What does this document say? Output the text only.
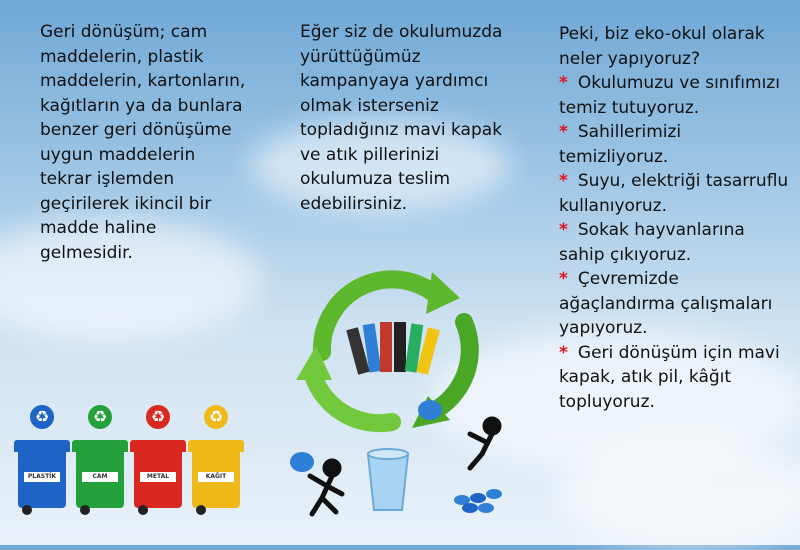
Geri dönüşüm; cam maddelerin, plastik maddelerin, kartonların, kağıtların ya da bunlara benzer geri dönüşüme uygun maddelerin tekrar işlemden geçirilerek ikincil bir madde haline gelmesidir.

Eğer siz de okulumuzda yürüttüğümüz kampanyaya yardımcı olmak isterseniz topladığınız mavi kapak ve atık pillerinizi okulumuza teslim edebilirsiniz.

Peki, biz eko-okul olarak neler yapıyoruz?

* Okulumuzu ve sınıfımızı temiz tutuyoruz.
* Sahillerimizi temizliyoruz.
* Suyu, elektriği tasarruflu kullanıyoruz.
* Sokak hayvanlarına sahip çıkıyoruz.
* Çevremizde ağaçlandırma çalışmaları yapıyoruz.
* Geri dönüşüm için mavi kapak, atık pil, kâğıt topluyoruz.
♻
PLASTİK
♻
CAM
♻
METAL
♻
KAĞIT
